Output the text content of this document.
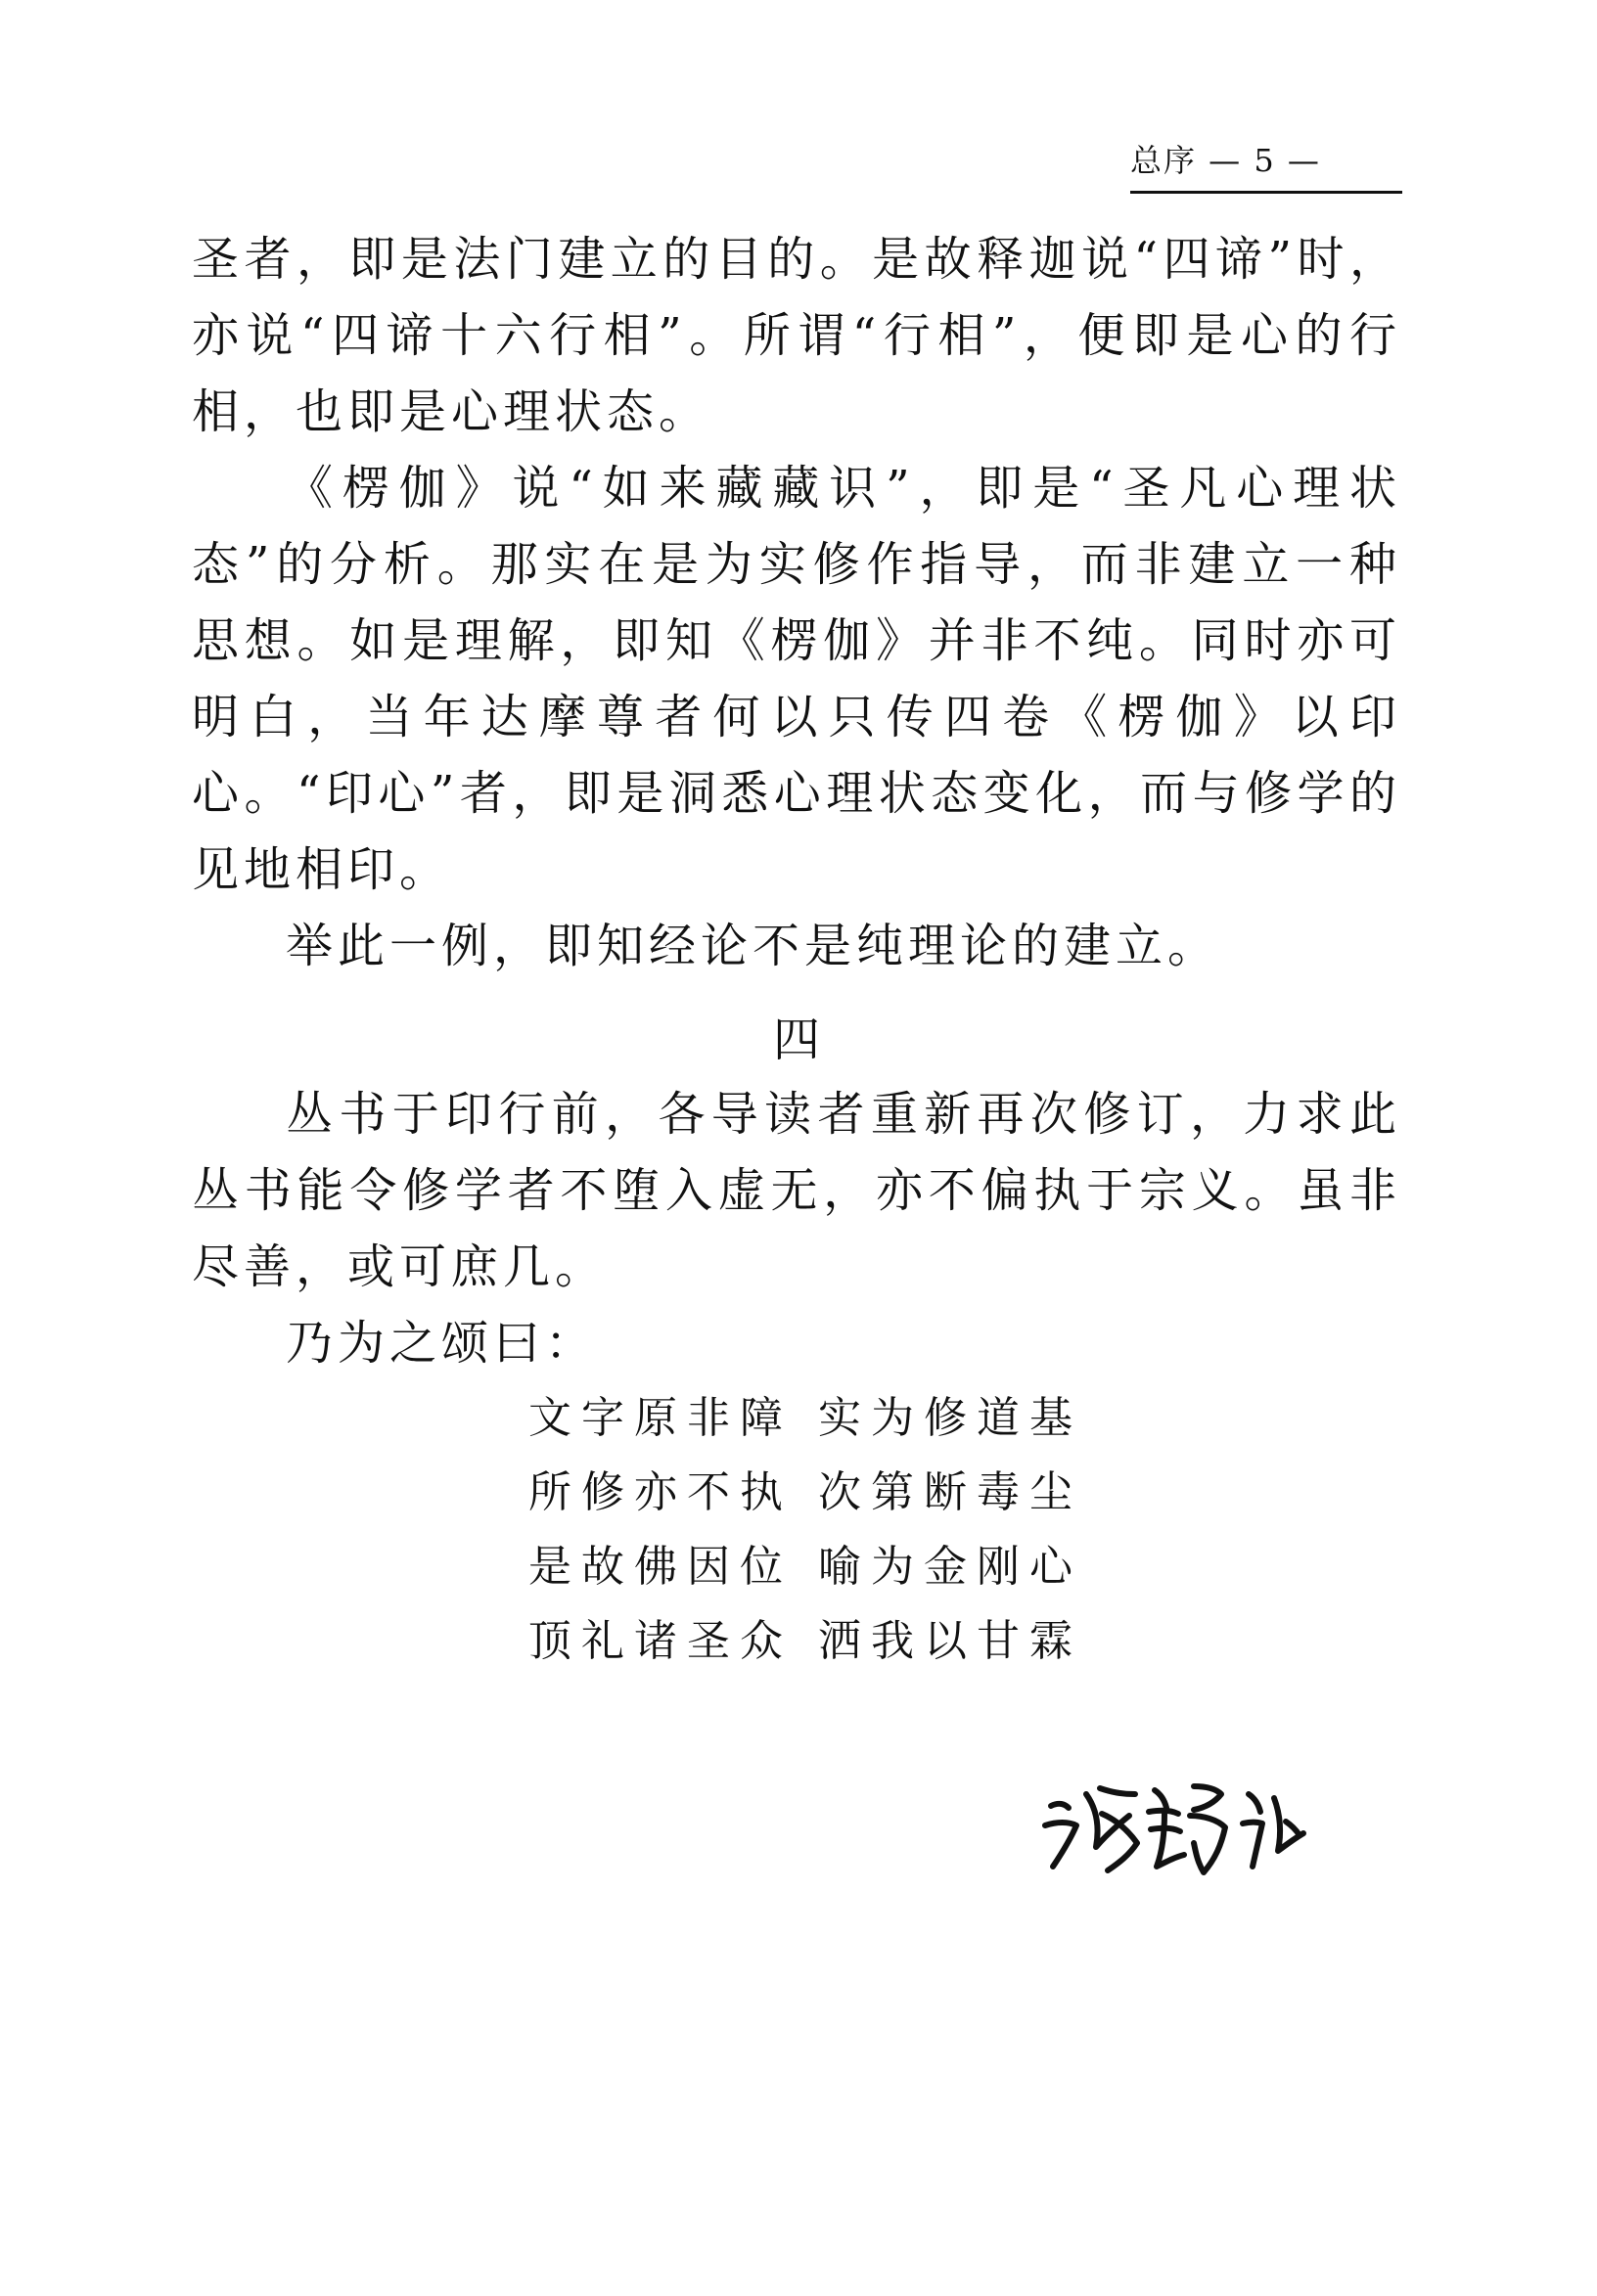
总序 — 5 —

圣者，即是法门建立的目的。是故释迦说“四谛”时，亦说“四谛十六行相”。所谓“行相”，便即是心的行相，也即是心理状态。

《楞伽》说“如来藏藏识”，即是“圣凡心理状态”的分析。那实在是为实修作指导，而非建立一种思想。如是理解，即知《楞伽》并非不纯。同时亦可明白，当年达摩尊者何以只传四卷《楞伽》以印心。“印心”者，即是洞悉心理状态变化，而与修学的见地相印。

举此一例，即知经论不是纯理论的建立。

四

丛书于印行前，各导读者重新再次修订，力求此丛书能令修学者不堕入虚无，亦不偏执于宗义。虽非尽善，或可庶几。

乃为之颂曰：

文字原非障 实为修道基
所修亦不执 次第断毒尘
是故佛因位 喻为金刚心
顶礼诸圣众 洒我以甘霖
